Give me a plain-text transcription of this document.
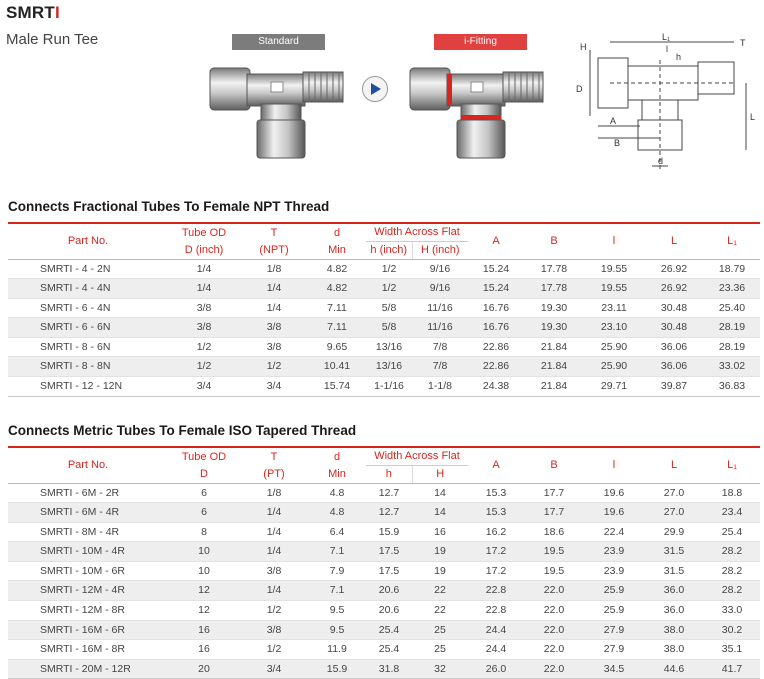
SMRTI
Male Run Tee	Standard	i-Fitting	H
L₁
T
l
h
D
A
B
L
d
Connects Fractional Tubes To Female NPT Thread
Part No.	Tube OD	T	d	Width Across Flat		A	B	l	L	L₁
	D (inch)	(NPT)	Min	h (inch)	H (inch)					
SMRTI - 4 - 2N	1/4	1/8	4.82	1/2	9/16	15.24	17.78	19.55	26.92	18.79
SMRTI - 4 - 4N	1/4	1/4	4.82	1/2	9/16	15.24	17.78	19.55	26.92	23.36
SMRTI - 6 - 4N	3/8	1/4	7.11	5/8	11/16	16.76	19.30	23.11	30.48	25.40
SMRTI - 6 - 6N	3/8	3/8	7.11	5/8	11/16	16.76	19.30	23.10	30.48	28.19
SMRTI - 8 - 6N	1/2	3/8	9.65	13/16	7/8	22.86	21.84	25.90	36.06	28.19
SMRTI - 8 - 8N	1/2	1/2	10.41	13/16	7/8	22.86	21.84	25.90	36.06	33.02
SMRTI - 12 - 12N	3/4	3/4	15.74	1-1/16	1-1/8	24.38	21.84	29.71	39.87	36.83
Connects Metric Tubes To Female ISO Tapered Thread
Part No.	Tube OD	T	d	Width Across Flat		A	B	l	L	L₁
	D	(PT)	Min	h	H					
SMRTI - 6M - 2R	6	1/8	4.8	12.7	14	15.3	17.7	19.6	27.0	18.8
SMRTI - 6M - 4R	6	1/4	4.8	12.7	14	15.3	17.7	19.6	27.0	23.4
SMRTI - 8M - 4R	8	1/4	6.4	15.9	16	16.2	18.6	22.4	29.9	25.4
SMRTI - 10M - 4R	10	1/4	7.1	17.5	19	17.2	19.5	23.9	31.5	28.2
SMRTI - 10M - 6R	10	3/8	7.9	17.5	19	17.2	19.5	23.9	31.5	28.2
SMRTI - 12M - 4R	12	1/4	7.1	20.6	22	22.8	22.0	25.9	36.0	28.2
SMRTI - 12M - 8R	12	1/2	9.5	20.6	22	22.8	22.0	25.9	36.0	33.0
SMRTI - 16M - 6R	16	3/8	9.5	25.4	25	24.4	22.0	27.9	38.0	30.2
SMRTI - 16M - 8R	16	1/2	11.9	25.4	25	24.4	22.0	27.9	38.0	35.1
SMRTI - 20M - 12R	20	3/4	15.9	31.8	32	26.0	22.0	34.5	44.6	41.7
